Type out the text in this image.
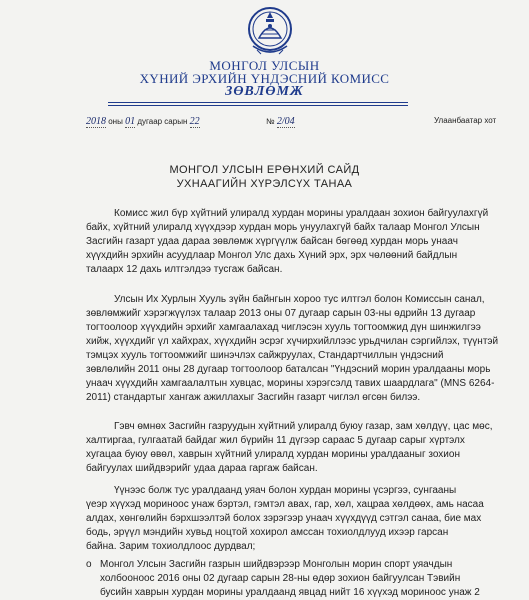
МОНГОЛ УЛСЫН
ХҮНИЙ ЭРХИЙН ҮНДЭСНИЙ КОМИСС
ЗӨВЛӨМЖ
2018 оны 01 дугаар сарын 22	№ 2/04	Улаанбаатар хот
МОНГОЛ УЛСЫН ЕРӨНХИЙ САЙД
УХНААГИЙН ХҮРЭЛСҮХ ТАНАА
Комисс жил бүр хүйтний улиралд хурдан морины уралдаан зохион байгуулахгүй
байх, хүйтний улиралд хүүхдээр хурдан морь унуулахгүй байх талаар Монгол Улсын
Засгийн газарт удаа дараа зөвлөмж хүргүүлж байсан бөгөөд хурдан морь унаач
хүүхдийн эрхийн асуудлаар Монгол Улс дахь Хүний эрх, эрх чөлөөний байдлын
талаарх 12 дахь илтгэлдээ тусгаж байсан.
Улсын Их Хурлын Хууль зүйн байнгын хороо тус илтгэл болон Комиссын санал,
зөвлөмжийг хэрэгжүүлэх талаар 2013 оны 07 дугаар сарын 03-ны өдрийн 13 дугаар
тогтоолоор хүүхдийн эрхийг хамгаалахад чиглэсэн хууль тогтоомжид дүн шинжилгээ
хийж, хүүхдийг үл хайхрах, хүүхдийн эсрэг хүчирхийллээс урьдчилан сэргийлэх, түүнтэй
тэмцэх хууль тогтоомжийг шинэчлэх сайжруулах, Стандартчиллын үндэсний
зөвлөлийн 2011 оны 28 дугаар тогтоолоор баталсан "Үндэсний морин уралдааны морь
унаач хүүхдийн хамгаалалтын хувцас, морины хэрэгсэлд тавих шаардлага" (MNS 6264-
2011) стандартыг хангаж ажиллахыг Засгийн газарт чиглэл өгсөн билээ.
Гэвч өмнөх Засгийн газруудын хүйтний улиралд буюу газар, зам хөлдүү, цас мөс,
халтиргаа, гулгаатай байдаг жил бүрийн 11 дүгээр сараас 5 дугаар сарыг хүртэлх
хугацаа буюу өвөл, хаврын хүйтний улиралд хурдан морины уралдааныг зохион
байгуулах шийдвэрийг удаа дараа гаргаж байсан.
Үүнээс болж тус уралдаанд уяач болон хурдан морины үсэргээ, сунгааны
үеэр хүүхэд мориноос унаж бэртэл, гэмтэл авах, гар, хөл, хацраа хөлдөөх, амь насаа
алдах, хөнгөлийн бэрхшээлтэй болох зэрэгээр унаач хүүхдүүд сэтгэл санаа, бие мах
бодь, эрүүл мэндийн хувьд ноцтой хохирол амссан тохиолдлууд ихээр гарсан
байна. Зарим тохиолдлоос дурдвал;
o Монгол Улсын Засгийн газрын шийдвэрээр Монголын морин спорт уяачдын
холбооноос 2016 оны 02 дугаар сарын 28-ны өдөр зохион байгуулсан Тэвийн
бусийн хаврын хурдан морины уралдаанд явцад нийт 16 хүүхэд мориноос унаж 2
